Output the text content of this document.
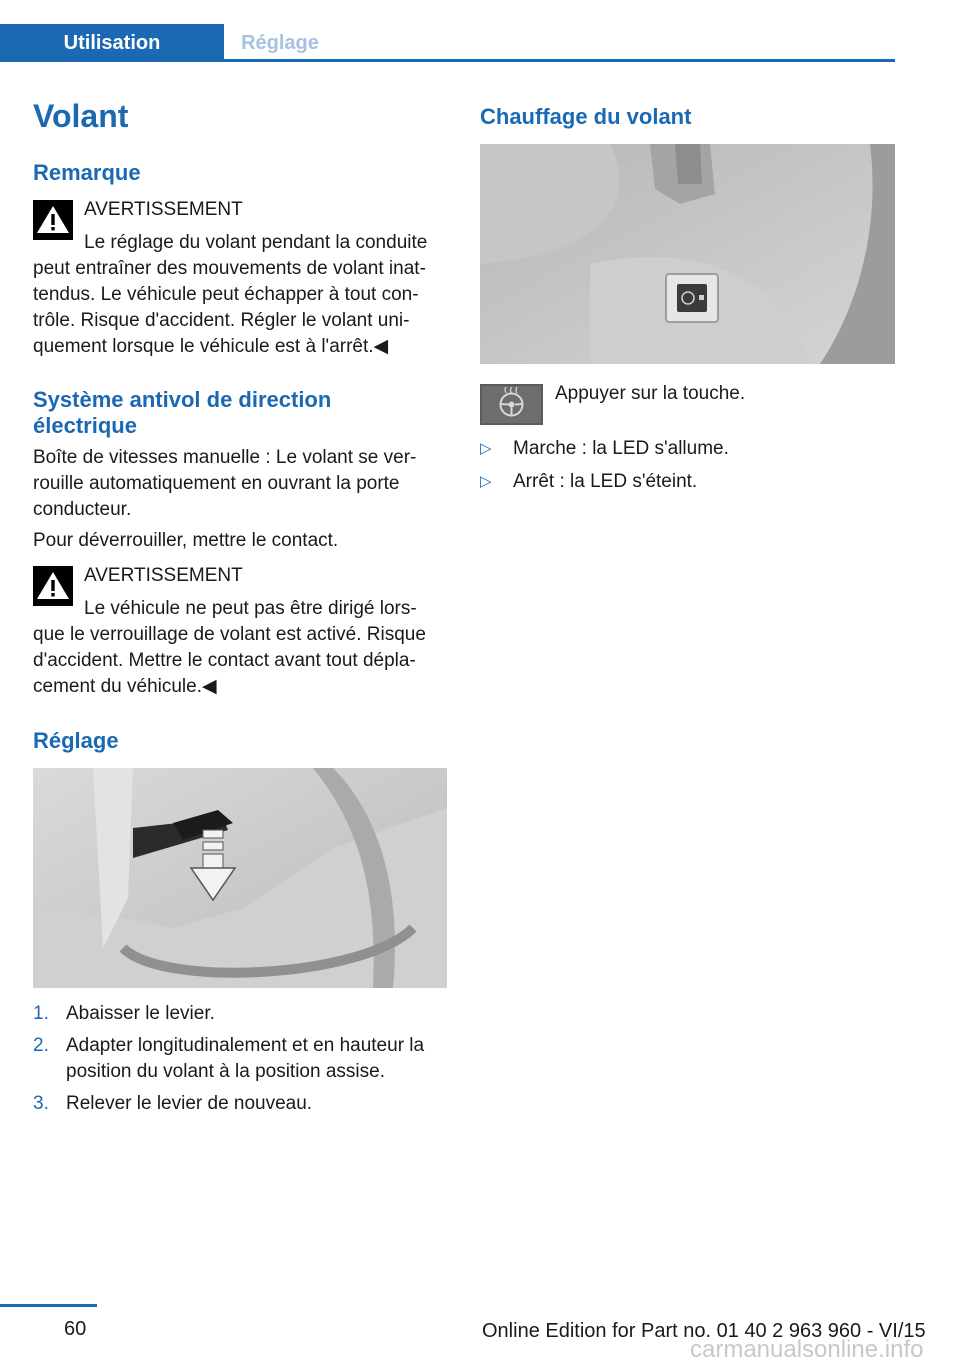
Utilisation	Réglage
Volant
Remarque

AVERTISSEMENT

Le réglage du volant pendant la conduite

peut entraîner des mouvements de volant inat‐

tendus. Le véhicule peut échapper à tout con‐

trôle. Risque d'accident. Régler le volant uni‐

quement lorsque le véhicule est à l'arrêt.◀

Système antivol de direction
électrique

Boîte de vitesses manuelle : Le volant se ver‐

rouille automatiquement en ouvrant la porte

conducteur.

Pour déverrouiller, mettre le contact.

AVERTISSEMENT

Le véhicule ne peut pas être dirigé lors‐

que le verrouillage de volant est activé. Risque

d'accident. Mettre le contact avant tout dépla‐

cement du véhicule.◀

Réglage
1. Abaisser le levier.
2. Adapter longitudinalement et en hauteur la
position du volant à la position assise.
3. Relever le levier de nouveau.
Chauffage du volant

Appuyer sur la touche.

▷ Marche : la LED s'allume.
▷ Arrêt : la LED s'éteint.
60	Online Edition for Part no. 01 40 2 963 960 - VI/15
carmanualsonline.info
